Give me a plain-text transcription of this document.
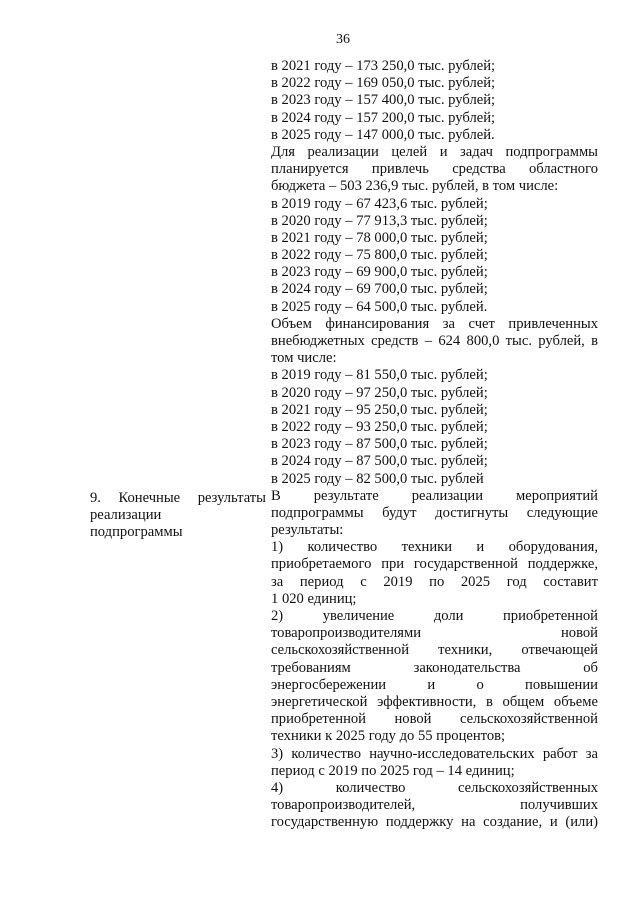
36
9. Конечные результаты
реализации
подпрограммы
в 2021 году – 173 250,0 тыс. рублей;
в 2022 году – 169 050,0 тыс. рублей;
в 2023 году – 157 400,0 тыс. рублей;
в 2024 году – 157 200,0 тыс. рублей;
в 2025 году – 147 000,0 тыс. рублей.
Для реализации целей и задач подпрограммы
планируется привлечь средства областного
бюджета – 503 236,9 тыс. рублей, в том числе:
в 2019 году – 67 423,6 тыс. рублей;
в 2020 году – 77 913,3 тыс. рублей;
в 2021 году – 78 000,0 тыс. рублей;
в 2022 году – 75 800,0 тыс. рублей;
в 2023 году – 69 900,0 тыс. рублей;
в 2024 году – 69 700,0 тыс. рублей;
в 2025 году – 64 500,0 тыс. рублей.
Объем финансирования за счет привлеченных
внебюджетных средств – 624 800,0 тыс. рублей, в
том числе:
в 2019 году – 81 550,0 тыс. рублей;
в 2020 году – 97 250,0 тыс. рублей;
в 2021 году – 95 250,0 тыс. рублей;
в 2022 году – 93 250,0 тыс. рублей;
в 2023 году – 87 500,0 тыс. рублей;
в 2024 году – 87 500,0 тыс. рублей;
в 2025 году – 82 500,0 тыс. рублей
В результате реализации мероприятий
подпрограммы будут достигнуты следующие
результаты:
1) количество техники и оборудования,
приобретаемого при государственной поддержке,
за период с 2019 по 2025 год составит
1 020 единиц;
2) увеличение доли приобретенной
товаропроизводителями новой
сельскохозяйственной техники, отвечающей
требованиям законодательства об
энергосбережении и о повышении
энергетической эффективности, в общем объеме
приобретенной новой сельскохозяйственной
техники к 2025 году до 55 процентов;
3) количество научно-исследовательских работ за
период с 2019 по 2025 год – 14 единиц;
4) количество сельскохозяйственных
товаропроизводителей, получивших
государственную поддержку на создание, и (или)
